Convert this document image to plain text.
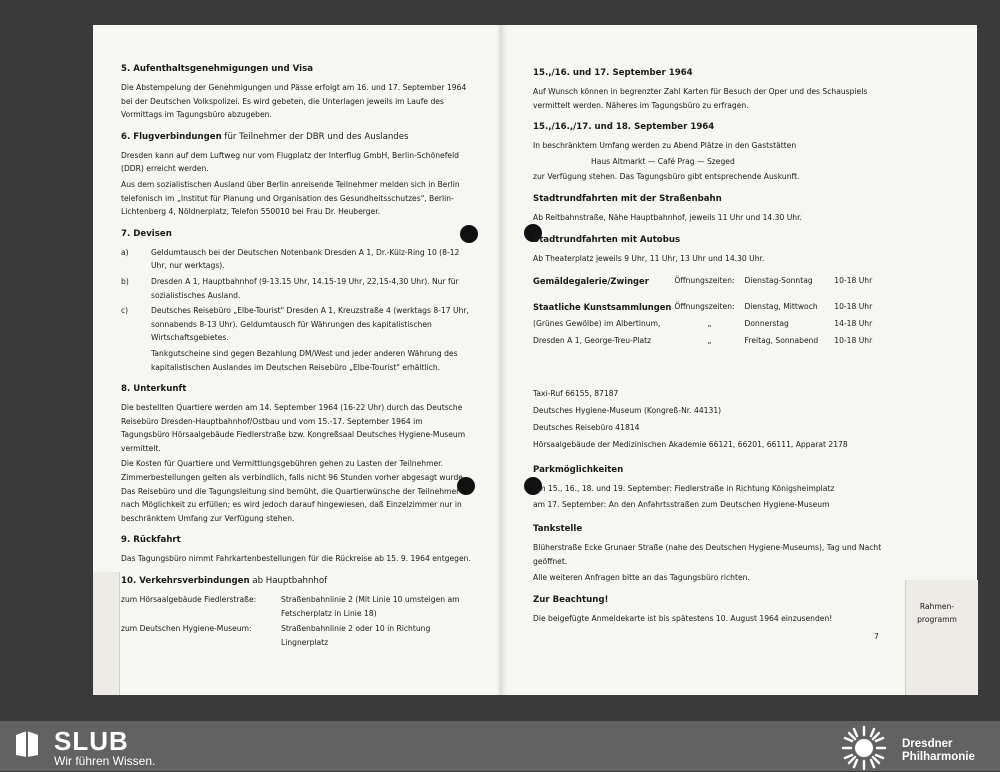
5. Aufenthaltsgenehmigungen und Visa

Die Abstempelung der Genehmigungen und Pässe erfolgt am 16. und 17. September 1964 bei der Deutschen Volkspolizei. Es wird gebeten, die Unterlagen jeweils im Laufe des Vormittags im Tagungsbüro abzugeben.

6. Flugverbindungen für Teilnehmer der DBR und des Auslandes

Dresden kann auf dem Luftweg nur vom Flugplatz der Interflug GmbH, Berlin-Schönefeld (DDR) erreicht werden.

Aus dem sozialistischen Ausland über Berlin anreisende Teilnehmer melden sich in Berlin telefonisch im „Institut für Planung und Organisation des Gesundheitsschutzes", Berlin-Lichtenberg 4, Nöldnerplatz, Telefon 550010 bei Frau Dr. Heuberger.

7. Devisen
a)	Geldumtausch bei der Deutschen Notenbank Dresden A 1, Dr.-Külz-Ring 10 (8-12 Uhr, nur werktags).
b)	Dresden A 1, Hauptbahnhof (9-13.15 Uhr, 14.15-19 Uhr, 22,15-4,30 Uhr). Nur für sozialistisches Ausland.
c)	Deutsches Reisebüro „Elbe-Tourist" Dresden A 1, Kreuzstraße 4 (werktags 8-17 Uhr, sonnabends 8-13 Uhr). Geldumtausch für Währungen des kapitalistischen Wirtschaftsgebietes.

Tankgutscheine sind gegen Bezahlung DM/West und jeder anderen Währung des kapitalistischen Auslandes im Deutschen Reisebüro „Elbe-Tourist" erhältlich.

8. Unterkunft

Die bestellten Quartiere werden am 14. September 1964 (16-22 Uhr) durch das Deutsche Reisebüro Dresden-Hauptbahnhof/Ostbau und vom 15.-17. September 1964 im Tagungsbüro Hörsaalgebäude Fiedlerstraße bzw. Kongreßsaal Deutsches Hygiene-Museum vermittelt.

Die Kosten für Quartiere und Vermittlungsgebühren gehen zu Lasten der Teilnehmer. Zimmerbestellungen gelten als verbindlich, falls nicht 96 Stunden vorher abgesagt wurde. Das Reisebüro und die Tagungsleitung sind bemüht, die Quartierwünsche der Teilnehmer nach Möglichkeit zu erfüllen; es wird jedoch darauf hingewiesen, daß Einzelzimmer nur in beschränktem Umfang zur Verfügung stehen.

9. Rückfahrt

Das Tagungsbüro nimmt Fahrkartenbestellungen für die Rückreise ab 15. 9. 1964 entgegen.

10. Verkehrsverbindungen ab Hauptbahnhof
zum Hörsaalgebäude Fiedlerstraße:	Straßenbahnlinie 2 (Mit Linie 10 umsteigen am Fetscherplatz in Linie 18)
zum Deutschen Hygiene-Museum:	Straßenbahnlinie 2 oder 10 in Richtung Lingnerplatz
15.,/16. und 17. September 1964

Auf Wunsch können in begrenzter Zahl Karten für Besuch der Oper und des Schauspiels vermittelt werden. Näheres im Tagungsbüro zu erfragen.

15.,/16.,/17. und 18. September 1964

In beschränktem Umfang werden zu Abend Plätze in den Gaststätten

Haus Altmarkt — Café Prag — Szeged

zur Verfügung stehen. Das Tagungsbüro gibt entsprechende Auskunft.

Stadtrundfahrten mit der Straßenbahn

Ab Reitbahnstraße, Nähe Hauptbahnhof, jeweils 11 Uhr und 14.30 Uhr.

Stadtrundfahrten mit Autobus

Ab Theaterplatz jeweils 9 Uhr, 11 Uhr, 13 Uhr und 14.30 Uhr.

Gemäldegalerie/Zwinger	Öffnungszeiten:	Dienstag-Sonntag	10-18 Uhr
Staatliche Kunstsammlungen Öffnungszeiten:	Dienstag, Mittwoch	10-18 Uhr
(Grünes Gewölbe) im Albertinum,	„	Donnerstag	14-18 Uhr
Dresden A 1, George-Treu-Platz	„	Freitag, Sonnabend	10-18 Uhr

Taxi-Ruf 66155, 87187

Deutsches Hygiene-Museum (Kongreß-Nr. 44131)

Deutsches Reisebüro 41814

Hörsaalgebäude der Medizinischen Akademie 66121, 66201, 66111, Apparat 2178

Parkmöglichkeiten

Am 15., 16., 18. und 19. September: Fiedlerstraße in Richtung Königsheimplatz

am 17. September: An den Anfahrtsstraßen zum Deutschen Hygiene-Museum

Tankstelle

Blüherstraße Ecke Grunaer Straße (nahe des Deutschen Hygiene-Museums), Tag und Nacht geöffnet.

Alle weiteren Anfragen bitte an das Tagungsbüro richten.

Zur Beachtung!

Die beigefügte Anmeldekarte ist bis spätestens 10. August 1964 einzusenden!

Rahmen-
programm
7
SLUB
Wir führen Wissen.
Dresdner
Philharmonie
